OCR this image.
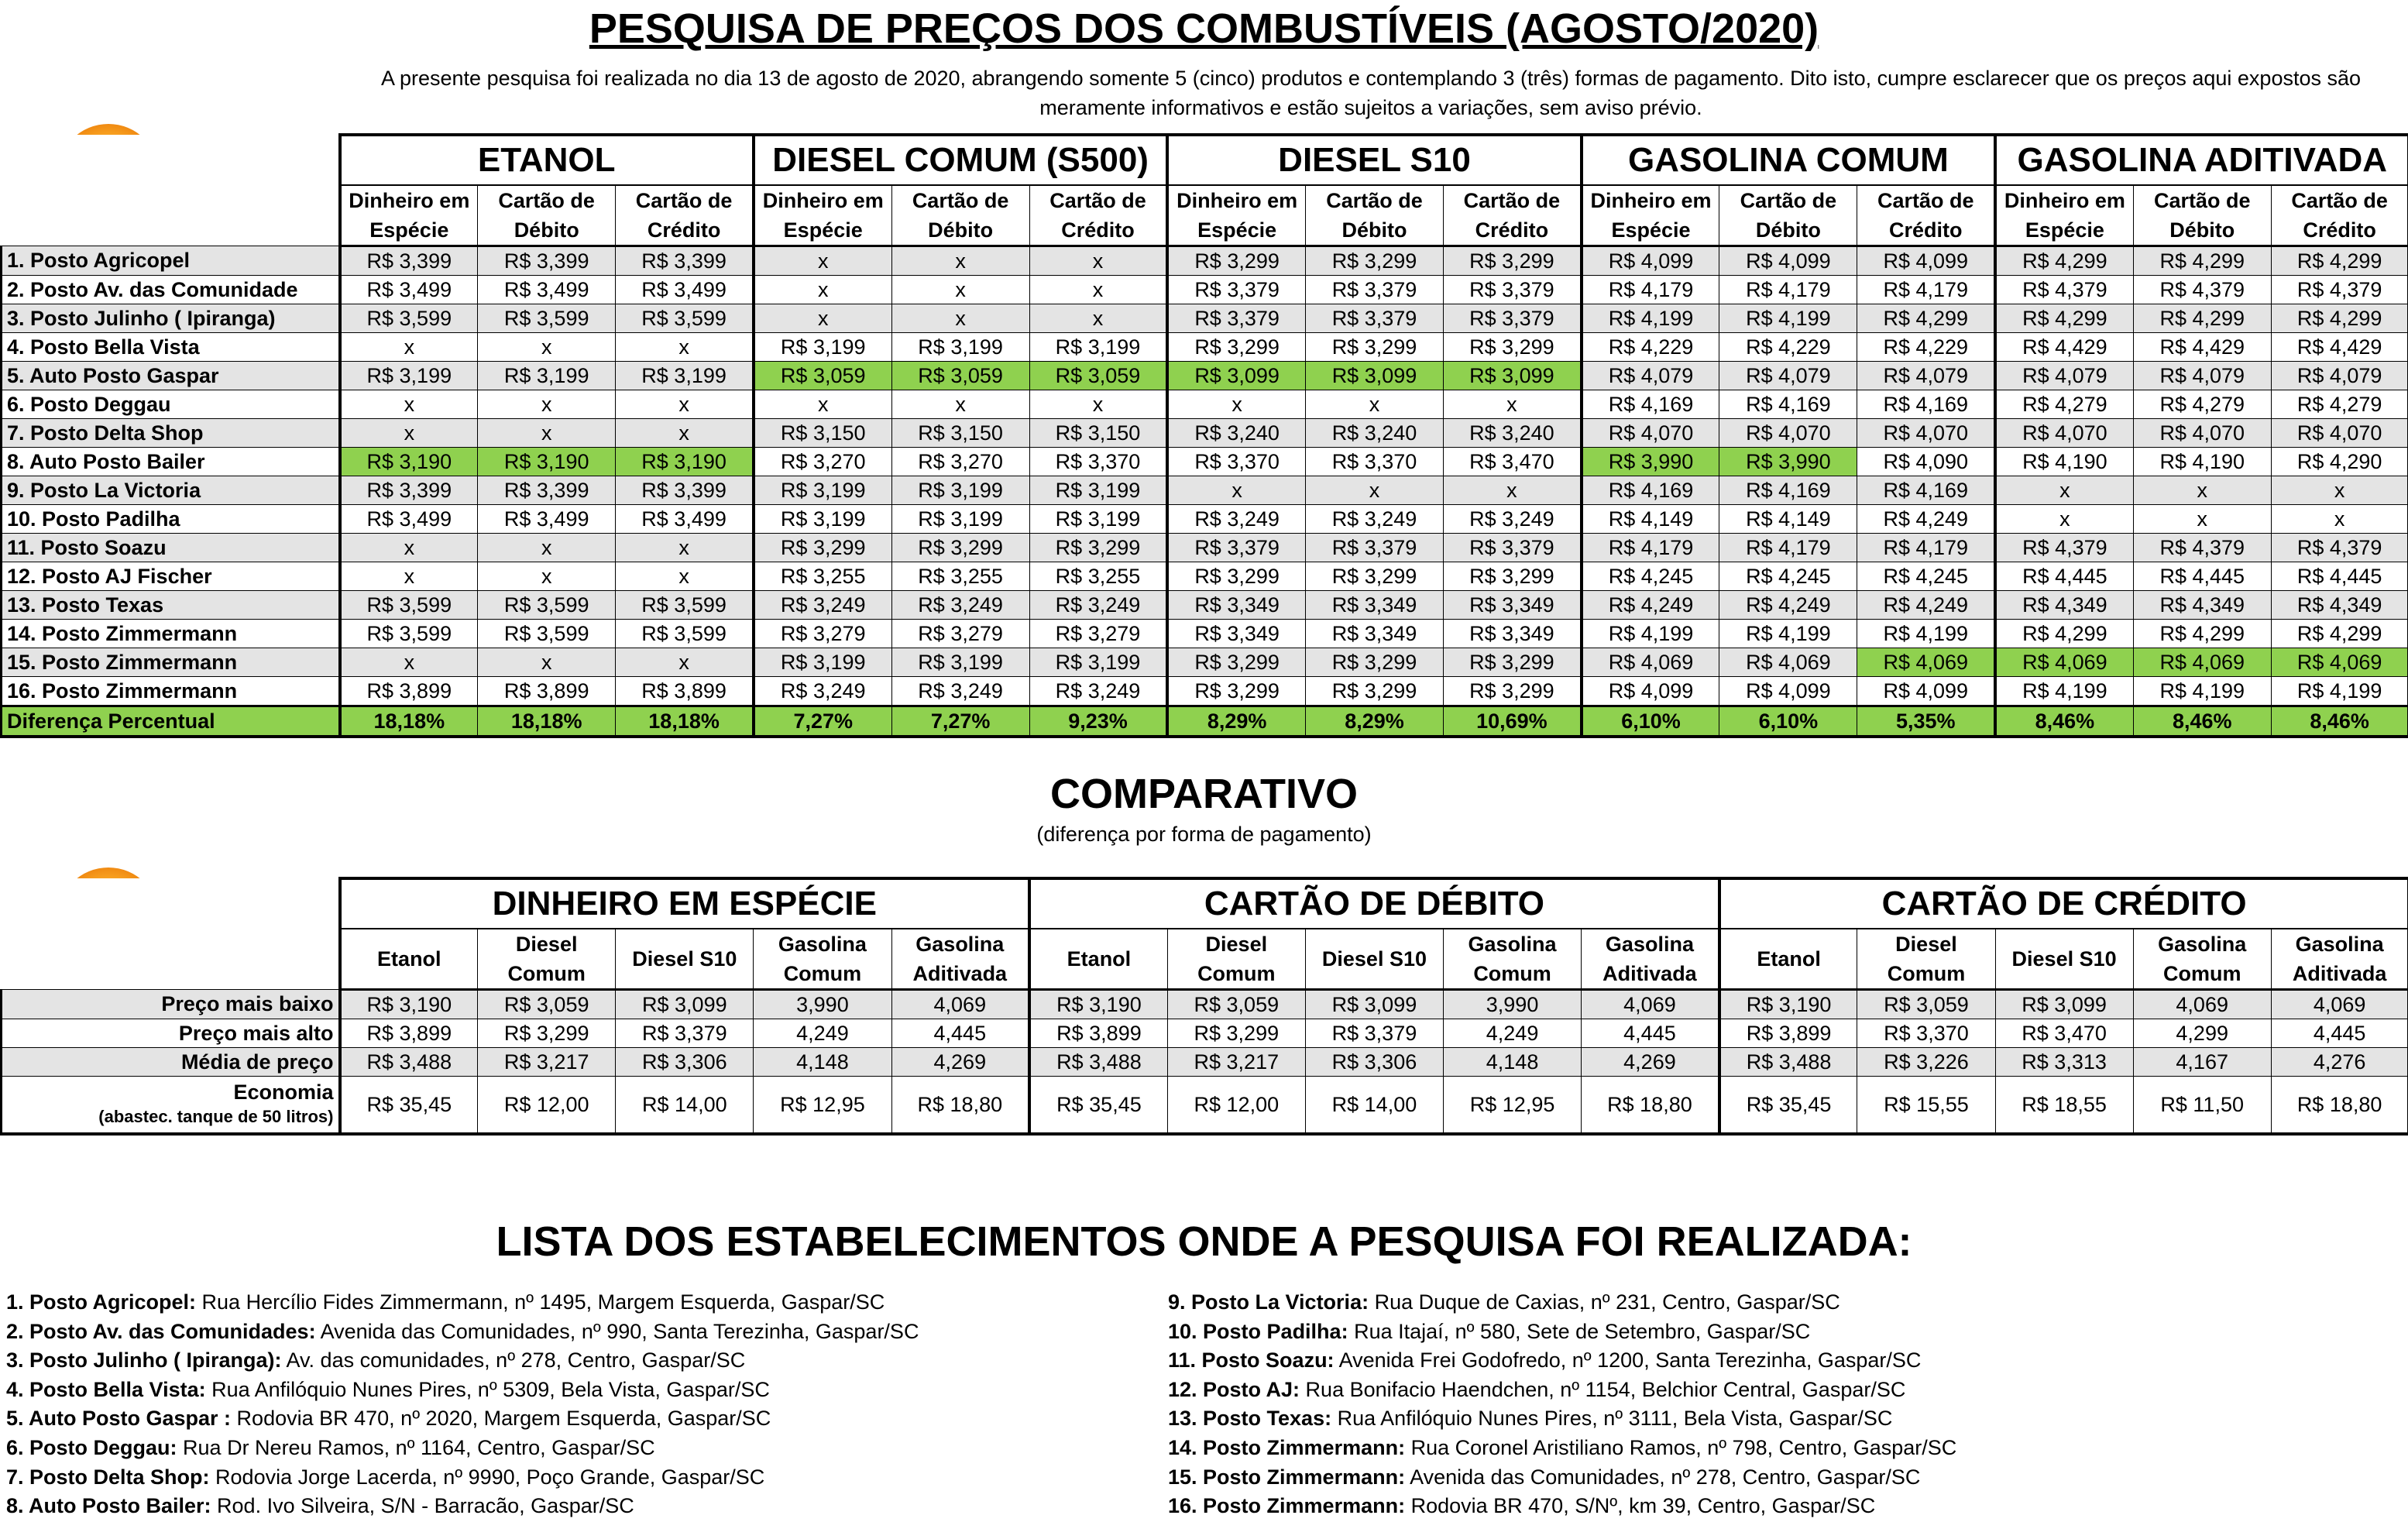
PESQUISA DE PREÇOS DOS COMBUSTÍVEIS (AGOSTO/2020)
A presente pesquisa foi realizada no dia 13 de agosto de 2020, abrangendo somente 5 (cinco) produtos e contemplando 3 (três) formas de pagamento. Dito isto, cumpre esclarecer que os preços aqui expostos são
meramente informativos e estão sujeitos a variações, sem aviso prévio.
	ETANOL			DIESEL COMUM (S500)			DIESEL S10			GASOLINA COMUM			GASOLINA ADITIVADA		
	Dinheiro em Espécie	Cartão de Débito	Cartão de Crédito	Dinheiro em Espécie	Cartão de Débito	Cartão de Crédito	Dinheiro em Espécie	Cartão de Débito	Cartão de Crédito	Dinheiro em Espécie	Cartão de Débito	Cartão de Crédito	Dinheiro em Espécie	Cartão de Débito	Cartão de Crédito
1. Posto Agricopel	R$ 3,399	R$ 3,399	R$ 3,399	x	x	x	R$ 3,299	R$ 3,299	R$ 3,299	R$ 4,099	R$ 4,099	R$ 4,099	R$ 4,299	R$ 4,299	R$ 4,299
2. Posto Av. das Comunidade	R$ 3,499	R$ 3,499	R$ 3,499	x	x	x	R$ 3,379	R$ 3,379	R$ 3,379	R$ 4,179	R$ 4,179	R$ 4,179	R$ 4,379	R$ 4,379	R$ 4,379
3. Posto Julinho ( Ipiranga)	R$ 3,599	R$ 3,599	R$ 3,599	x	x	x	R$ 3,379	R$ 3,379	R$ 3,379	R$ 4,199	R$ 4,199	R$ 4,299	R$ 4,299	R$ 4,299	R$ 4,299
4. Posto Bella Vista	x	x	x	R$ 3,199	R$ 3,199	R$ 3,199	R$ 3,299	R$ 3,299	R$ 3,299	R$ 4,229	R$ 4,229	R$ 4,229	R$ 4,429	R$ 4,429	R$ 4,429
5. Auto Posto Gaspar	R$ 3,199	R$ 3,199	R$ 3,199	R$ 3,059	R$ 3,059	R$ 3,059	R$ 3,099	R$ 3,099	R$ 3,099	R$ 4,079	R$ 4,079	R$ 4,079	R$ 4,079	R$ 4,079	R$ 4,079
6. Posto Deggau	x	x	x	x	x	x	x	x	x	R$ 4,169	R$ 4,169	R$ 4,169	R$ 4,279	R$ 4,279	R$ 4,279
7. Posto Delta Shop	x	x	x	R$ 3,150	R$ 3,150	R$ 3,150	R$ 3,240	R$ 3,240	R$ 3,240	R$ 4,070	R$ 4,070	R$ 4,070	R$ 4,070	R$ 4,070	R$ 4,070
8. Auto Posto Bailer	R$ 3,190	R$ 3,190	R$ 3,190	R$ 3,270	R$ 3,270	R$ 3,370	R$ 3,370	R$ 3,370	R$ 3,470	R$ 3,990	R$ 3,990	R$ 4,090	R$ 4,190	R$ 4,190	R$ 4,290
9. Posto La Victoria	R$ 3,399	R$ 3,399	R$ 3,399	R$ 3,199	R$ 3,199	R$ 3,199	x	x	x	R$ 4,169	R$ 4,169	R$ 4,169	x	x	x
10. Posto Padilha	R$ 3,499	R$ 3,499	R$ 3,499	R$ 3,199	R$ 3,199	R$ 3,199	R$ 3,249	R$ 3,249	R$ 3,249	R$ 4,149	R$ 4,149	R$ 4,249	x	x	x
11. Posto Soazu	x	x	x	R$ 3,299	R$ 3,299	R$ 3,299	R$ 3,379	R$ 3,379	R$ 3,379	R$ 4,179	R$ 4,179	R$ 4,179	R$ 4,379	R$ 4,379	R$ 4,379
12. Posto AJ Fischer	x	x	x	R$ 3,255	R$ 3,255	R$ 3,255	R$ 3,299	R$ 3,299	R$ 3,299	R$ 4,245	R$ 4,245	R$ 4,245	R$ 4,445	R$ 4,445	R$ 4,445
13. Posto Texas	R$ 3,599	R$ 3,599	R$ 3,599	R$ 3,249	R$ 3,249	R$ 3,249	R$ 3,349	R$ 3,349	R$ 3,349	R$ 4,249	R$ 4,249	R$ 4,249	R$ 4,349	R$ 4,349	R$ 4,349
14. Posto Zimmermann	R$ 3,599	R$ 3,599	R$ 3,599	R$ 3,279	R$ 3,279	R$ 3,279	R$ 3,349	R$ 3,349	R$ 3,349	R$ 4,199	R$ 4,199	R$ 4,199	R$ 4,299	R$ 4,299	R$ 4,299
15. Posto Zimmermann	x	x	x	R$ 3,199	R$ 3,199	R$ 3,199	R$ 3,299	R$ 3,299	R$ 3,299	R$ 4,069	R$ 4,069	R$ 4,069	R$ 4,069	R$ 4,069	R$ 4,069
16. Posto Zimmermann	R$ 3,899	R$ 3,899	R$ 3,899	R$ 3,249	R$ 3,249	R$ 3,249	R$ 3,299	R$ 3,299	R$ 3,299	R$ 4,099	R$ 4,099	R$ 4,099	R$ 4,199	R$ 4,199	R$ 4,199
Diferença Percentual	18,18%	18,18%	18,18%	7,27%	7,27%	9,23%	8,29%	8,29%	10,69%	6,10%	6,10%	5,35%	8,46%	8,46%	8,46%
COMPARATIVO
(diferença por forma de pagamento)
	DINHEIRO EM ESPÉCIE					CARTÃO DE DÉBITO					CARTÃO DE CRÉDITO				
	Etanol	Diesel Comum	Diesel S10	Gasolina Comum	Gasolina Aditivada	Etanol	Diesel Comum	Diesel S10	Gasolina Comum	Gasolina Aditivada	Etanol	Diesel Comum	Diesel S10	Gasolina Comum	Gasolina Aditivada
Preço mais baixo	R$ 3,190	R$ 3,059	R$ 3,099	3,990	4,069	R$ 3,190	R$ 3,059	R$ 3,099	3,990	4,069	R$ 3,190	R$ 3,059	R$ 3,099	4,069	4,069
Preço mais alto	R$ 3,899	R$ 3,299	R$ 3,379	4,249	4,445	R$ 3,899	R$ 3,299	R$ 3,379	4,249	4,445	R$ 3,899	R$ 3,370	R$ 3,470	4,299	4,445
Média de preço	R$ 3,488	R$ 3,217	R$ 3,306	4,148	4,269	R$ 3,488	R$ 3,217	R$ 3,306	4,148	4,269	R$ 3,488	R$ 3,226	R$ 3,313	4,167	4,276

Economia
(abastec. tanque de 50 litros)	R$ 35,45	R$ 12,00	R$ 14,00	R$ 12,95	R$ 18,80	R$ 35,45	R$ 12,00	R$ 14,00	R$ 12,95	R$ 18,80	R$ 35,45	R$ 15,55	R$ 18,55	R$ 11,50	R$ 18,80
LISTA DOS ESTABELECIMENTOS ONDE A PESQUISA FOI REALIZADA:
1. Posto Agricopel: Rua Hercílio Fides Zimmermann, nº 1495, Margem Esquerda, Gaspar/SC
2. Posto Av. das Comunidades: Avenida das Comunidades, nº 990, Santa Terezinha, Gaspar/SC
3. Posto Julinho ( Ipiranga): Av. das comunidades, nº 278, Centro, Gaspar/SC
4. Posto Bella Vista: Rua Anfilóquio Nunes Pires, nº 5309, Bela Vista, Gaspar/SC
5. Auto Posto Gaspar : Rodovia BR 470, nº 2020, Margem Esquerda, Gaspar/SC
6. Posto Deggau: Rua Dr Nereu Ramos, nº 1164, Centro, Gaspar/SC
7. Posto Delta Shop: Rodovia Jorge Lacerda, nº 9990, Poço Grande, Gaspar/SC
8. Auto Posto Bailer: Rod. Ivo Silveira, S/N - Barracão, Gaspar/SC
9. Posto La Victoria: Rua Duque de Caxias, nº 231, Centro, Gaspar/SC
10. Posto Padilha: Rua Itajaí, nº 580, Sete de Setembro, Gaspar/SC
11. Posto Soazu: Avenida Frei Godofredo, nº 1200, Santa Terezinha, Gaspar/SC
12. Posto AJ: Rua Bonifacio Haendchen, nº 1154, Belchior Central, Gaspar/SC
13. Posto Texas: Rua Anfilóquio Nunes Pires, nº 3111, Bela Vista, Gaspar/SC
14. Posto Zimmermann: Rua Coronel Aristiliano Ramos, nº 798, Centro, Gaspar/SC
15. Posto Zimmermann: Avenida das Comunidades, nº 278, Centro, Gaspar/SC
16. Posto Zimmermann: Rodovia BR 470, S/Nº, km 39, Centro, Gaspar/SC
